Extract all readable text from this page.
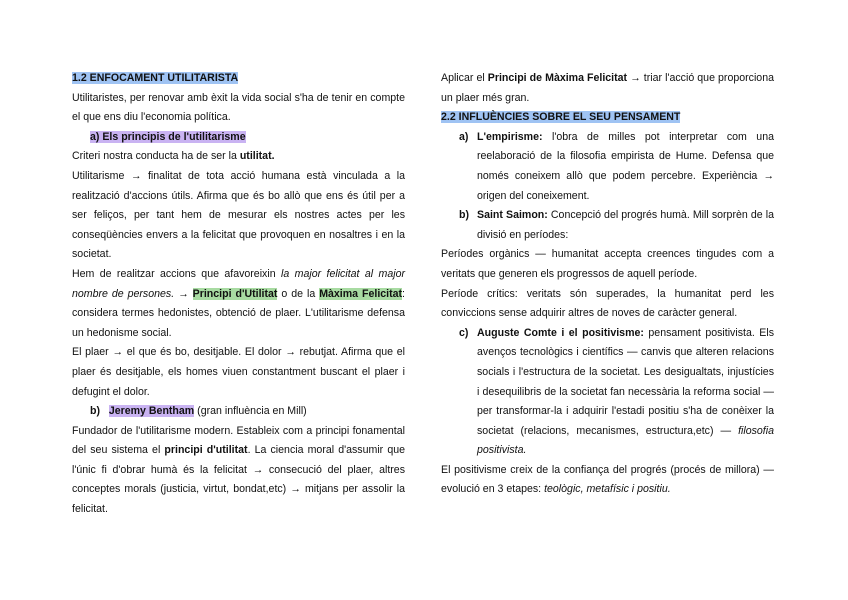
1.2 ENFOCAMENT UTILITARISTA

Utilitaristes, per renovar amb èxit la vida social s'ha de tenir en compte el que ens diu l'economia política.

a) Els principis de l'utilitarisme

Criteri nostra conducta ha de ser la utilitat.

Utilitarisme → finalitat de tota acció humana està vinculada a la realització d'accions útils. Afirma que és bo allò que ens és útil per a ser feliços, per tant hem de mesurar els nostres actes per les conseqüències envers a la felicitat que provoquen en nosaltres i en la societat.

Hem de realitzar accions que afavoreixin la major felicitat al major nombre de persones. → Principi d'Utilitat o de la Màxima Felicitat: considera termes hedonistes, obtenció de plaer. L'utilitarisme defensa un hedonisme social.

El plaer → el que és bo, desitjable. El dolor → rebutjat. Afirma que el plaer és desitjable, els homes viuen constantment buscant el plaer i defugint el dolor.

b) Jeremy Bentham (gran influència en Mill)

Fundador de l'utilitarisme modern. Estableix com a principi fonamental del seu sistema el principi d'utilitat. La ciencia moral d'assumir que l'únic fi d'obrar humà és la felicitat → consecució del plaer, altres conceptes morals (justicia, virtut, bondat,etc) → mitjans per assolir la felicitat.

Aplicar el Principi de Màxima Felicitat → triar l'acció que proporciona un plaer més gran.

2.2 INFLUÈNCIES SOBRE EL SEU PENSAMENT

a) L'empirisme: l'obra de milles pot interpretar com una reelaboració de la filosofia empirista de Hume. Defensa que només coneixem allò que podem percebre. Experiència → origen del coneixement.

b) Saint Saimon: Concepció del progrés humà. Mill sorprèn de la divisió en períodes:

Períodes orgànics — humanitat accepta creences tingudes com a veritats que generen els progressos de aquell període.

Període crítics: veritats són superades, la humanitat perd les conviccions sense adquirir altres de noves de caràcter general.

c) Auguste Comte i el positivisme: pensament positivista. Els avenços tecnològics i científics — canvis que alteren relacions socials i l'estructura de la societat. Les desigualtats, injustícies i desequilibris de la societat fan necessària la reforma social — per transformar-la i adquirir l'estadi positiu s'ha de conèixer la societat (relacions, mecanismes, estructura,etc) — filosofia positivista.

El positivisme creix de la confiança del progrés (procés de millora) — evolució en 3 etapes: teològic, metafísic i positiu.
